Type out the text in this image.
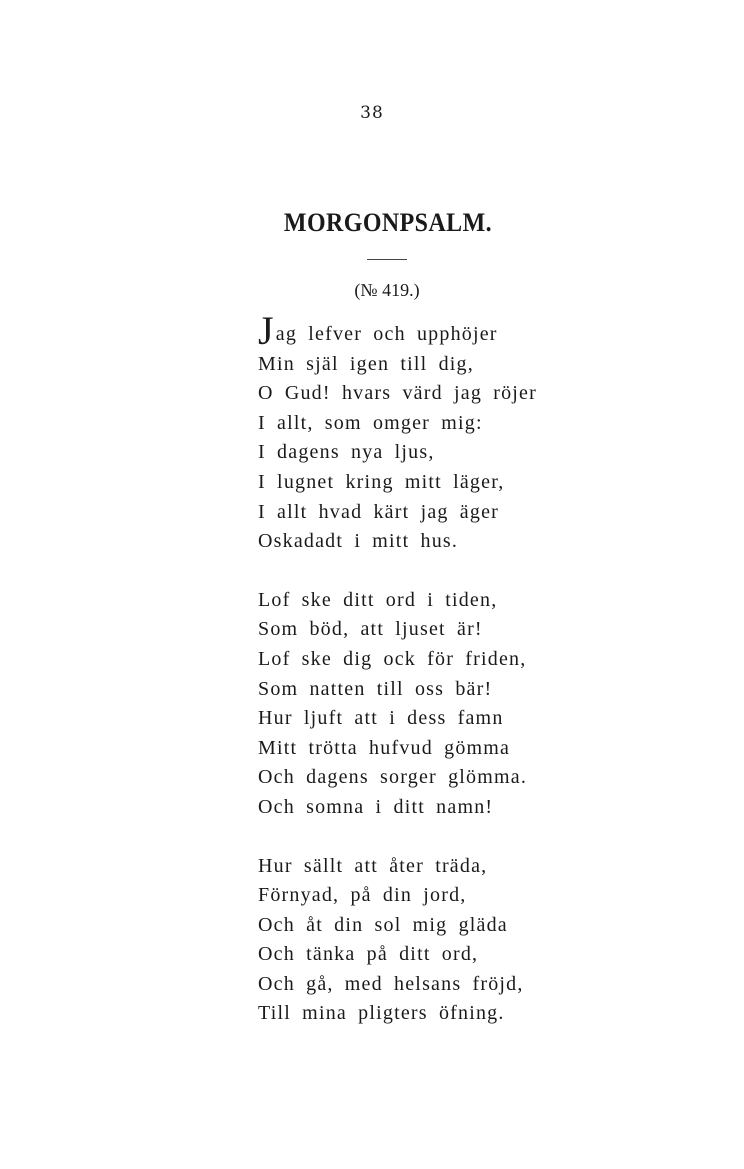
38
MORGONPSALM.
(№ 419.)
Jag lefver och upphöjer
Min själ igen till dig,
O Gud! hvars värd jag röjer
I allt, som omger mig:
I dagens nya ljus,
I lugnet kring mitt läger,
I allt hvad kärt jag äger
Oskadadt i mitt hus.
Lof ske ditt ord i tiden,
Som böd, att ljuset är!
Lof ske dig ock för friden,
Som natten till oss bär!
Hur ljuft att i dess famn
Mitt trötta hufvud gömma
Och dagens sorger glömma.
Och somna i ditt namn!
Hur sällt att åter träda,
Förnyad, på din jord,
Och åt din sol mig gläda
Och tänka på ditt ord,
Och gå, med helsans fröjd,
Till mina pligters öfning.
